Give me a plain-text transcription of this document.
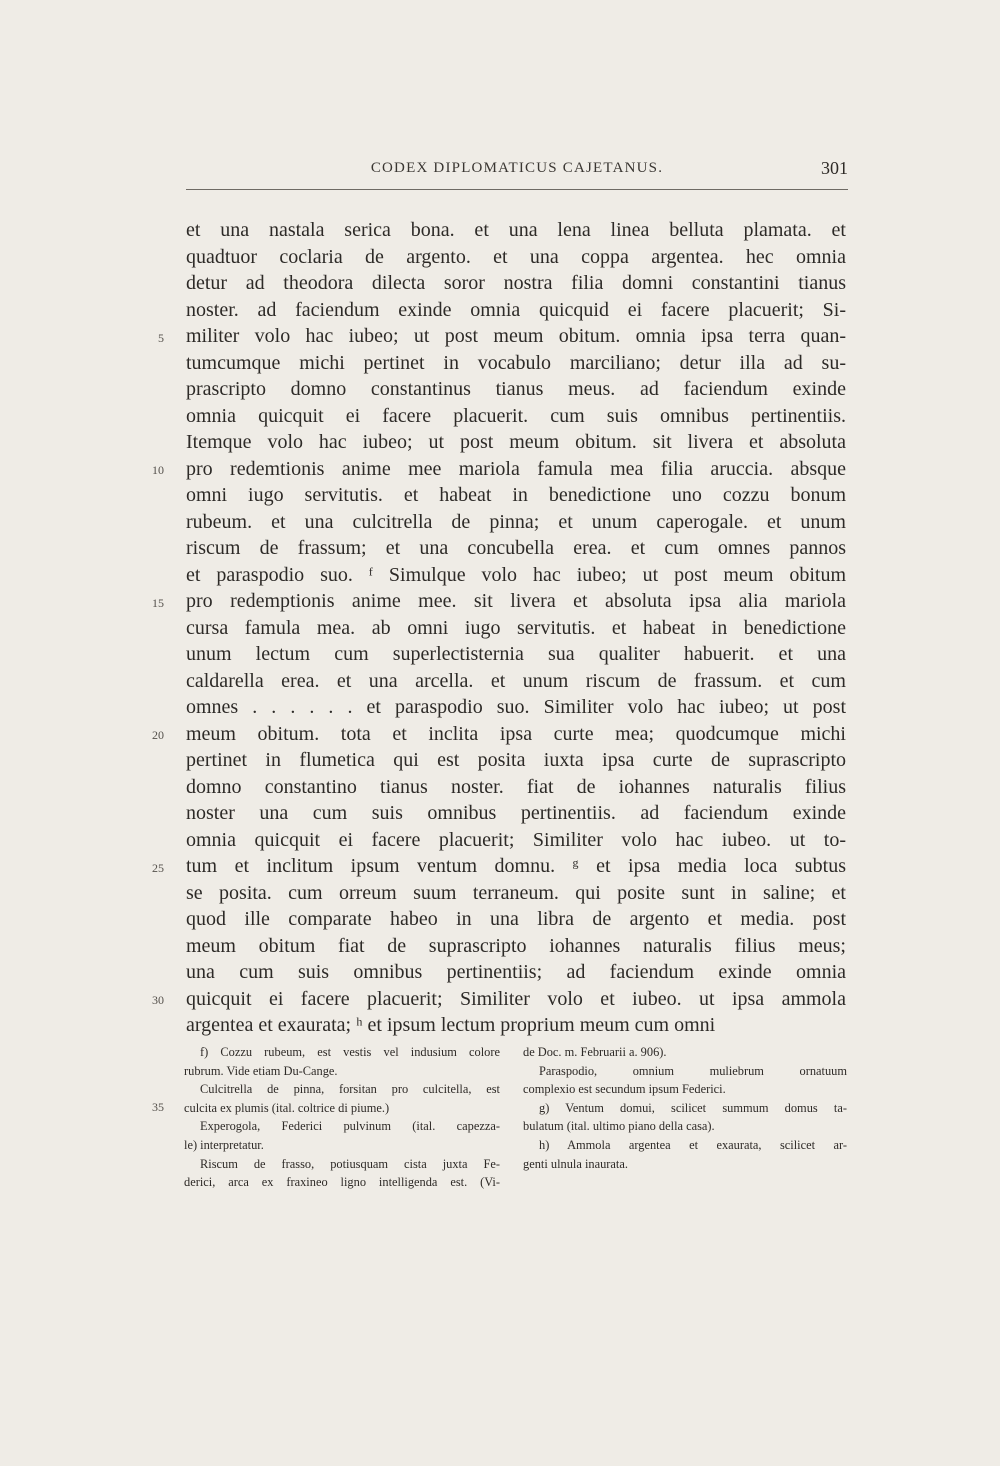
CODEX DIPLOMATICUS CAJETANUS.	301
et una nastala serica bona. et una lena linea belluta plamata. et
quadtuor coclaria de argento. et una coppa argentea. hec omnia
detur ad theodora dilecta soror nostra filia domni constantini tianus
noster. ad faciendum exinde omnia quicquid ei facere placuerit; Si-
militer volo hac iubeo; ut post meum obitum. omnia ipsa terra quan-
tumcumque michi pertinet in vocabulo marciliano; detur illa ad su-
prascripto domno constantinus tianus meus. ad faciendum exinde
omnia quicquit ei facere placuerit. cum suis omnibus pertinentiis.
Itemque volo hac iubeo; ut post meum obitum. sit livera et absoluta
pro redemtionis anime mee mariola famula mea filia aruccia. absque
omni iugo servitutis. et habeat in benedictione uno cozzu bonum
rubeum. et una culcitrella de pinna; et unum caperogale. et unum
riscum de frassum; et una concubella erea. et cum omnes pannos
et paraspodio suo. ᶠ Simulque volo hac iubeo; ut post meum obitum
pro redemptionis anime mee. sit livera et absoluta ipsa alia mariola
cursa famula mea. ab omni iugo servitutis. et habeat in benedictione
unum lectum cum superlectisternia sua qualiter habuerit. et una
caldarella erea. et una arcella. et unum riscum de frassum. et cum
omnes . . . . . . et paraspodio suo. Similiter volo hac iubeo; ut post
meum obitum. tota et inclita ipsa curte mea; quodcumque michi
pertinet in flumetica qui est posita iuxta ipsa curte de suprascripto
domno constantino tianus noster. fiat de iohannes naturalis filius
noster una cum suis omnibus pertinentiis. ad faciendum exinde
omnia quicquit ei facere placuerit; Similiter volo hac iubeo. ut to-
tum et inclitum ipsum ventum domnu. ᵍ et ipsa media loca subtus
se posita. cum orreum suum terraneum. qui posite sunt in saline; et
quod ille comparate habeo in una libra de argento et media. post
meum obitum fiat de suprascripto iohannes naturalis filius meus;
una cum suis omnibus pertinentiis; ad faciendum exinde omnia
quicquit ei facere placuerit; Similiter volo et iubeo. ut ipsa ammola
argentea et exaurata; ʰ et ipsum lectum proprium meum cum omni
5
10
15
20
25
30
35
f) Cozzu rubeum, est vestis vel indusium colore
rubrum. Vide etiam Du-Cange.
Culcitrella de pinna, forsitan pro culcitella, est
culcita ex plumis (ital. coltrice di piume.)
Experogola, Federici pulvinum (ital. capezza-
le) interpretatur.
Riscum de frasso, potiusquam cista juxta Fe-
derici, arca ex fraxineo ligno intelligenda est. (Vi-
de Doc. m. Februarii a. 906).
Paraspodio, omnium muliebrum ornatuum
complexio est secundum ipsum Federici.
g) Ventum domui, scilicet summum domus ta-
bulatum (ital. ultimo piano della casa).
h) Ammola argentea et exaurata, scilicet ar-
genti ulnula inaurata.
